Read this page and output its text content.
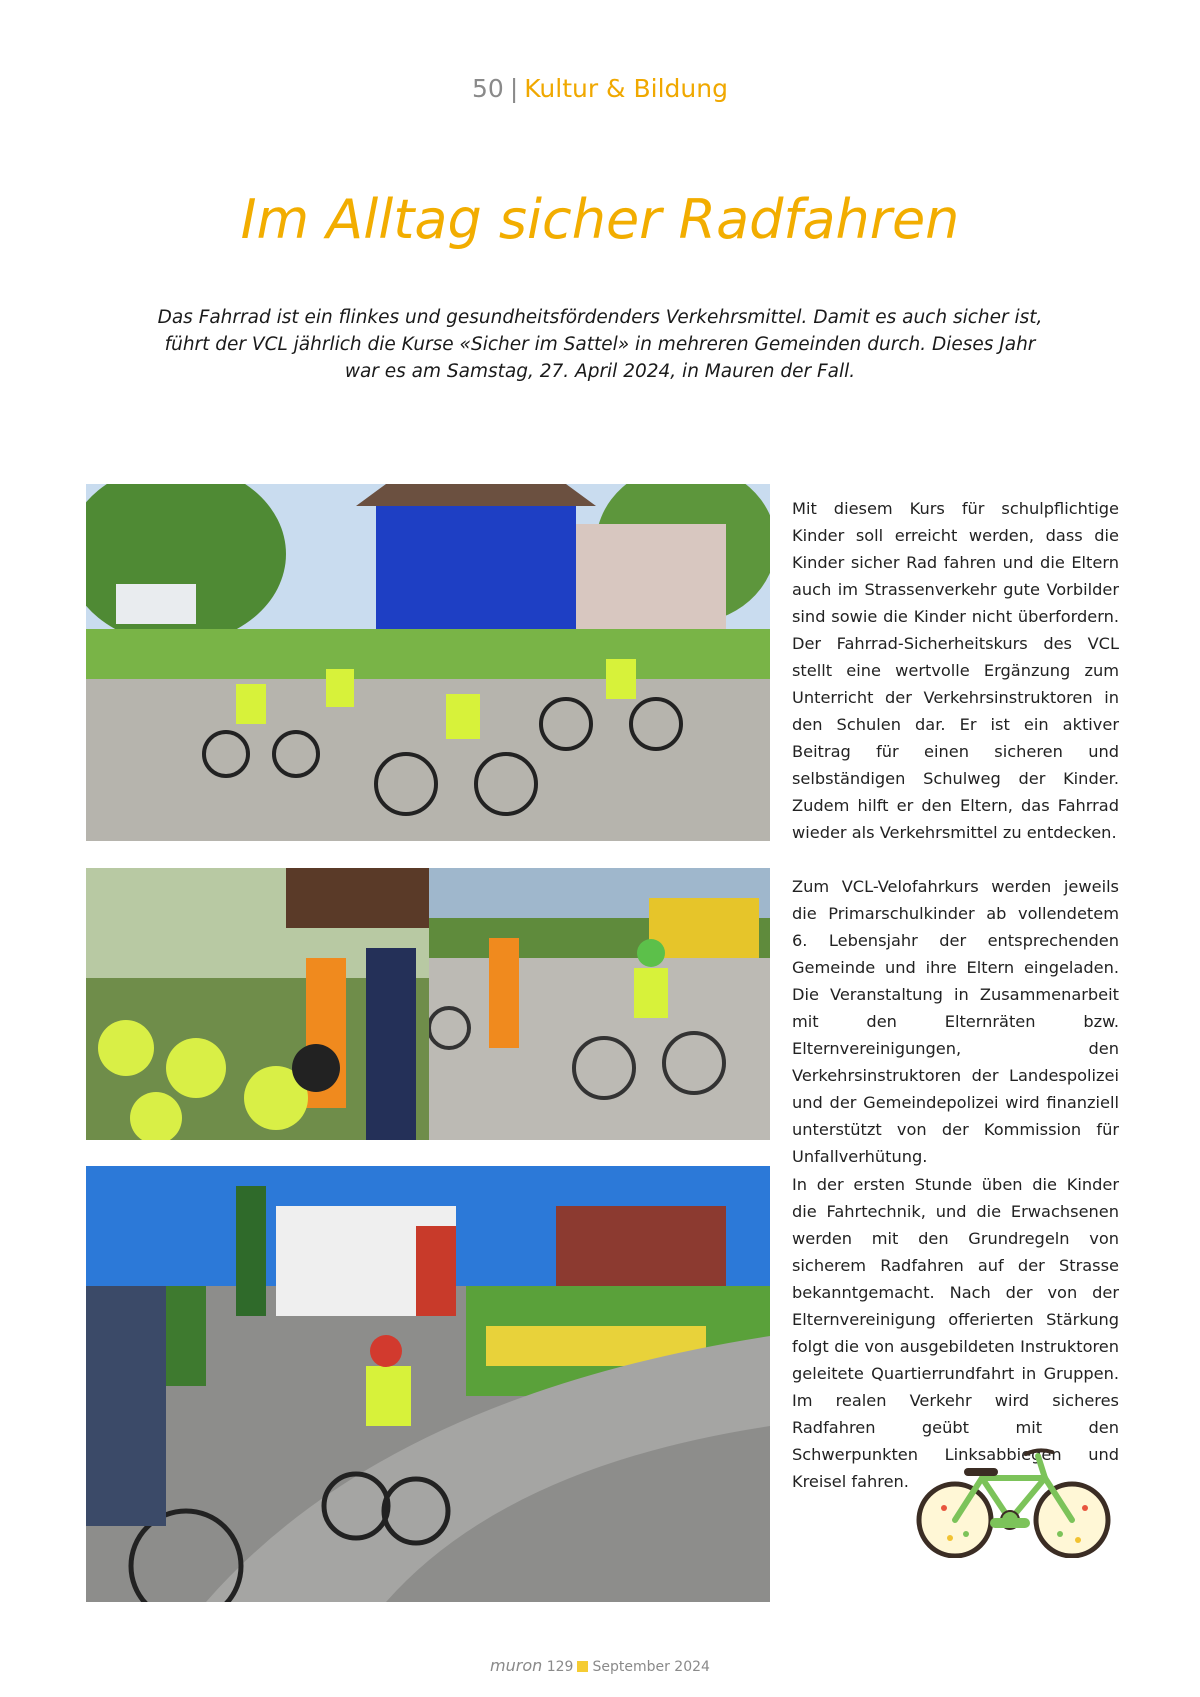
50 | Kultur & Bildung
Im Alltag sicher Radfahren

Das Fahrrad ist ein flinkes und gesundheitsfördenders Verkehrsmittel. Damit es auch sicher ist, führt der VCL jährlich die Kurse «Sicher im Sattel» in mehreren Gemeinden durch. Dieses Jahr war es am Samstag, 27. April 2024, in Mauren der Fall.

Mit diesem Kurs für schulpflichtige Kinder soll erreicht werden, dass die Kinder sicher Rad fahren und die Eltern auch im Strassenverkehr gute Vorbilder sind sowie die Kinder nicht überfordern. Der Fahrrad-Sicherheitskurs des VCL stellt eine wertvolle Ergänzung zum Unterricht der Verkehrsinstruktoren in den Schulen dar. Er ist ein aktiver Beitrag für einen sicheren und selbständigen Schulweg der Kinder. Zudem hilft er den Eltern, das Fahrrad wieder als Verkehrsmittel zu entdecken.

Zum VCL-Velofahrkurs werden jeweils die Primarschulkinder ab vollendetem 6. Lebensjahr der entsprechenden Gemeinde und ihre Eltern eingeladen. Die Veranstaltung in Zusammenarbeit mit den Elternräten bzw. Elternvereinigungen, den Verkehrsinstruktoren der Landespolizei und der Gemeindepolizei wird finanziell unterstützt von der Kommission für Unfallverhütung.

In der ersten Stunde üben die Kinder die Fahrtechnik, und die Erwachsenen werden mit den Grundregeln von sicherem Radfahren auf der Strasse bekanntgemacht. Nach der von der Elternvereinigung offerierten Stärkung folgt die von ausgebildeten Instruktoren geleitete Quartierrundfahrt in Gruppen. Im realen Verkehr wird sicheres Radfahren geübt mit den Schwerpunkten Linksabbiegen und Kreisel fahren.

muron 129 September 2024
